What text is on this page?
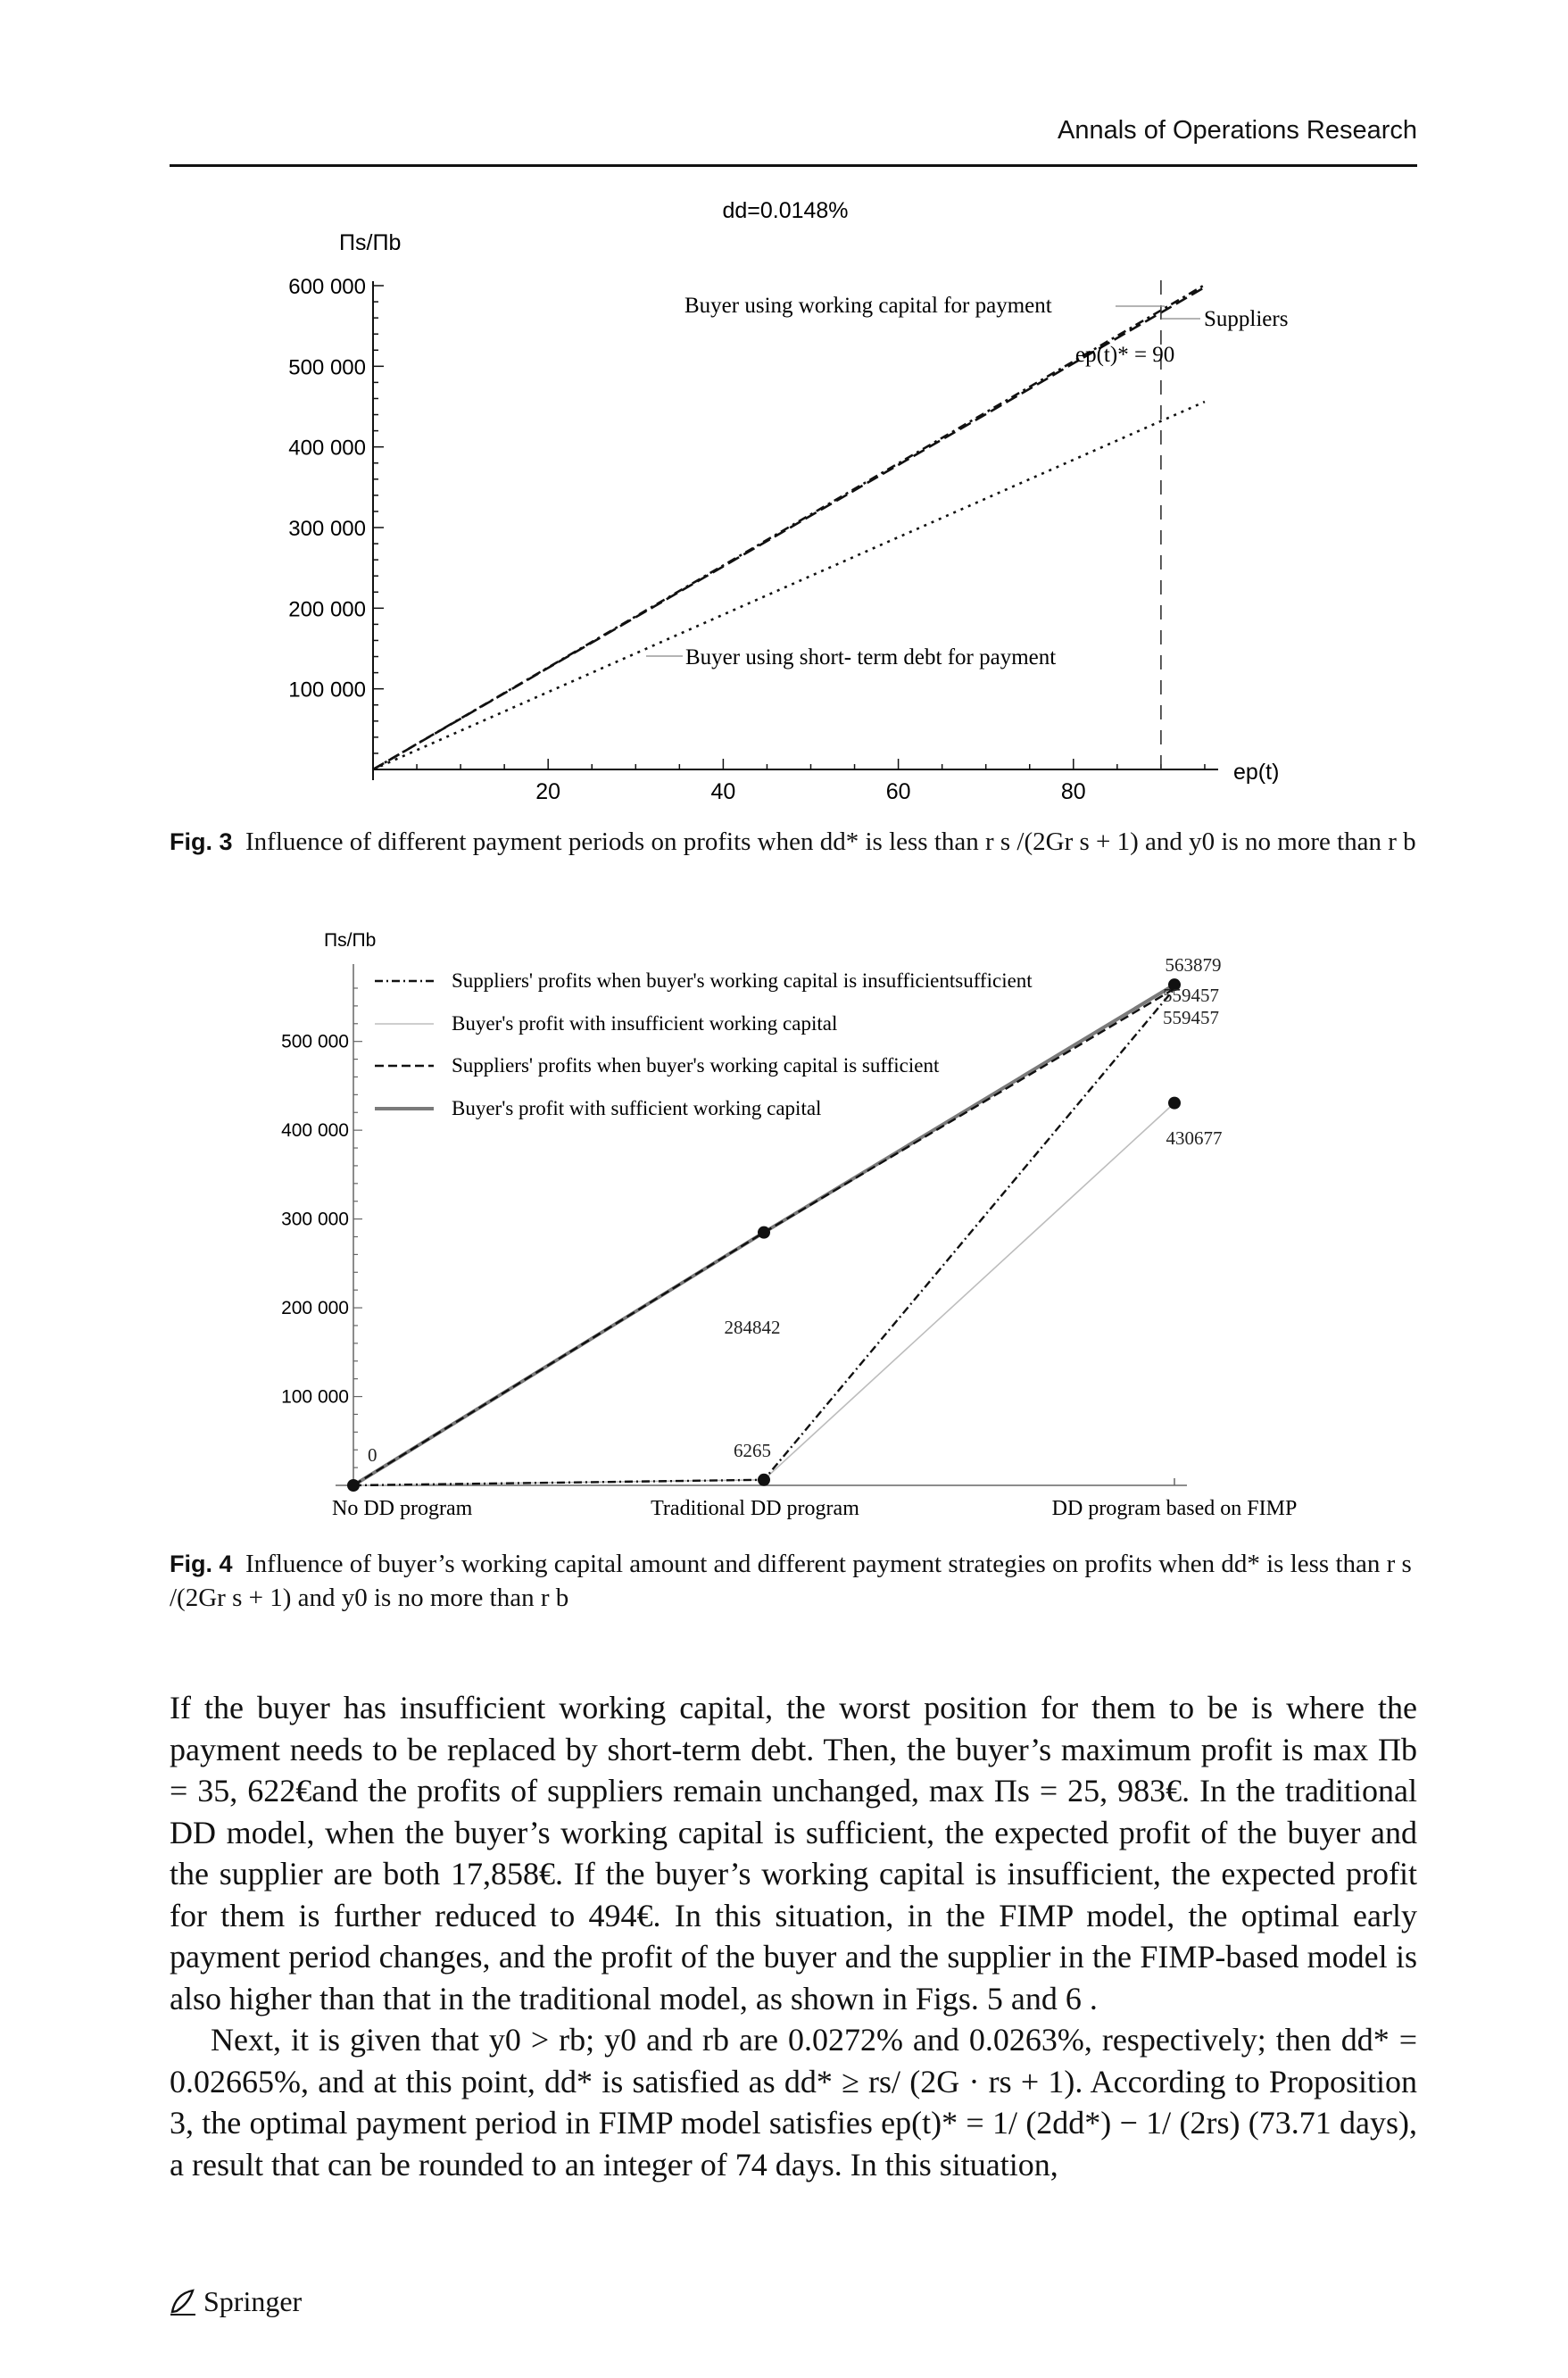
Annals of Operations Research
20	40	60	80
100 000
200 000
300 000
400 000
500 000
600 000
dd=0.0148%
Πs/Πb
ep(t)
Buyer using working capital for payment
Suppliers
Buyer using short- term debt for payment
ep(t)* = 90
Fig. 3 Influence of different payment periods on profits when dd* is less than r s /(2Gr s + 1) and y0 is no more than r b
100 000
200 000
300 000
400 000
500 000
No DD program	Traditional DD program	DD program based on FIMP
0	6265
284842
563879
559457
559457
430677
Suppliers' profits when buyer's working capital is insufficientsufficient
Buyer's profit with insufficient working capital
Suppliers' profits when buyer's working capital is sufficient
Buyer's profit with sufficient working capital
Πs/Πb
Fig. 4 Influence of buyer’s working capital amount and different payment strategies on profits when dd* is less than r s /(2Gr s + 1) and y0 is no more than r b

If the buyer has insufficient working capital, the worst position for them to be is where the payment needs to be replaced by short-term debt. Then, the buyer’s maximum profit is max Πb = 35, 622€and the profits of suppliers remain unchanged, max Πs = 25, 983€. In the traditional DD model, when the buyer’s working capital is sufficient, the expected profit of the buyer and the supplier are both 17,858€. If the buyer’s working capital is insufficient, the expected profit for them is further reduced to 494€. In this situation, in the FIMP model, the optimal early payment period changes, and the profit of the buyer and the supplier in the FIMP-based model is also higher than that in the traditional model, as shown in Figs. 5 and 6 .

Next, it is given that y0 > rb; y0 and rb are 0.0272% and 0.0263%, respectively; then dd* = 0.02665%, and at this point, dd* is satisfied as dd* ≥ rs/ (2G · rs + 1). According to Proposition 3, the optimal payment period in FIMP model satisfies ep(t)* = 1/ (2dd*) − 1/ (2rs) (73.71 days), a result that can be rounded to an integer of 74 days. In this situation,

Springer
